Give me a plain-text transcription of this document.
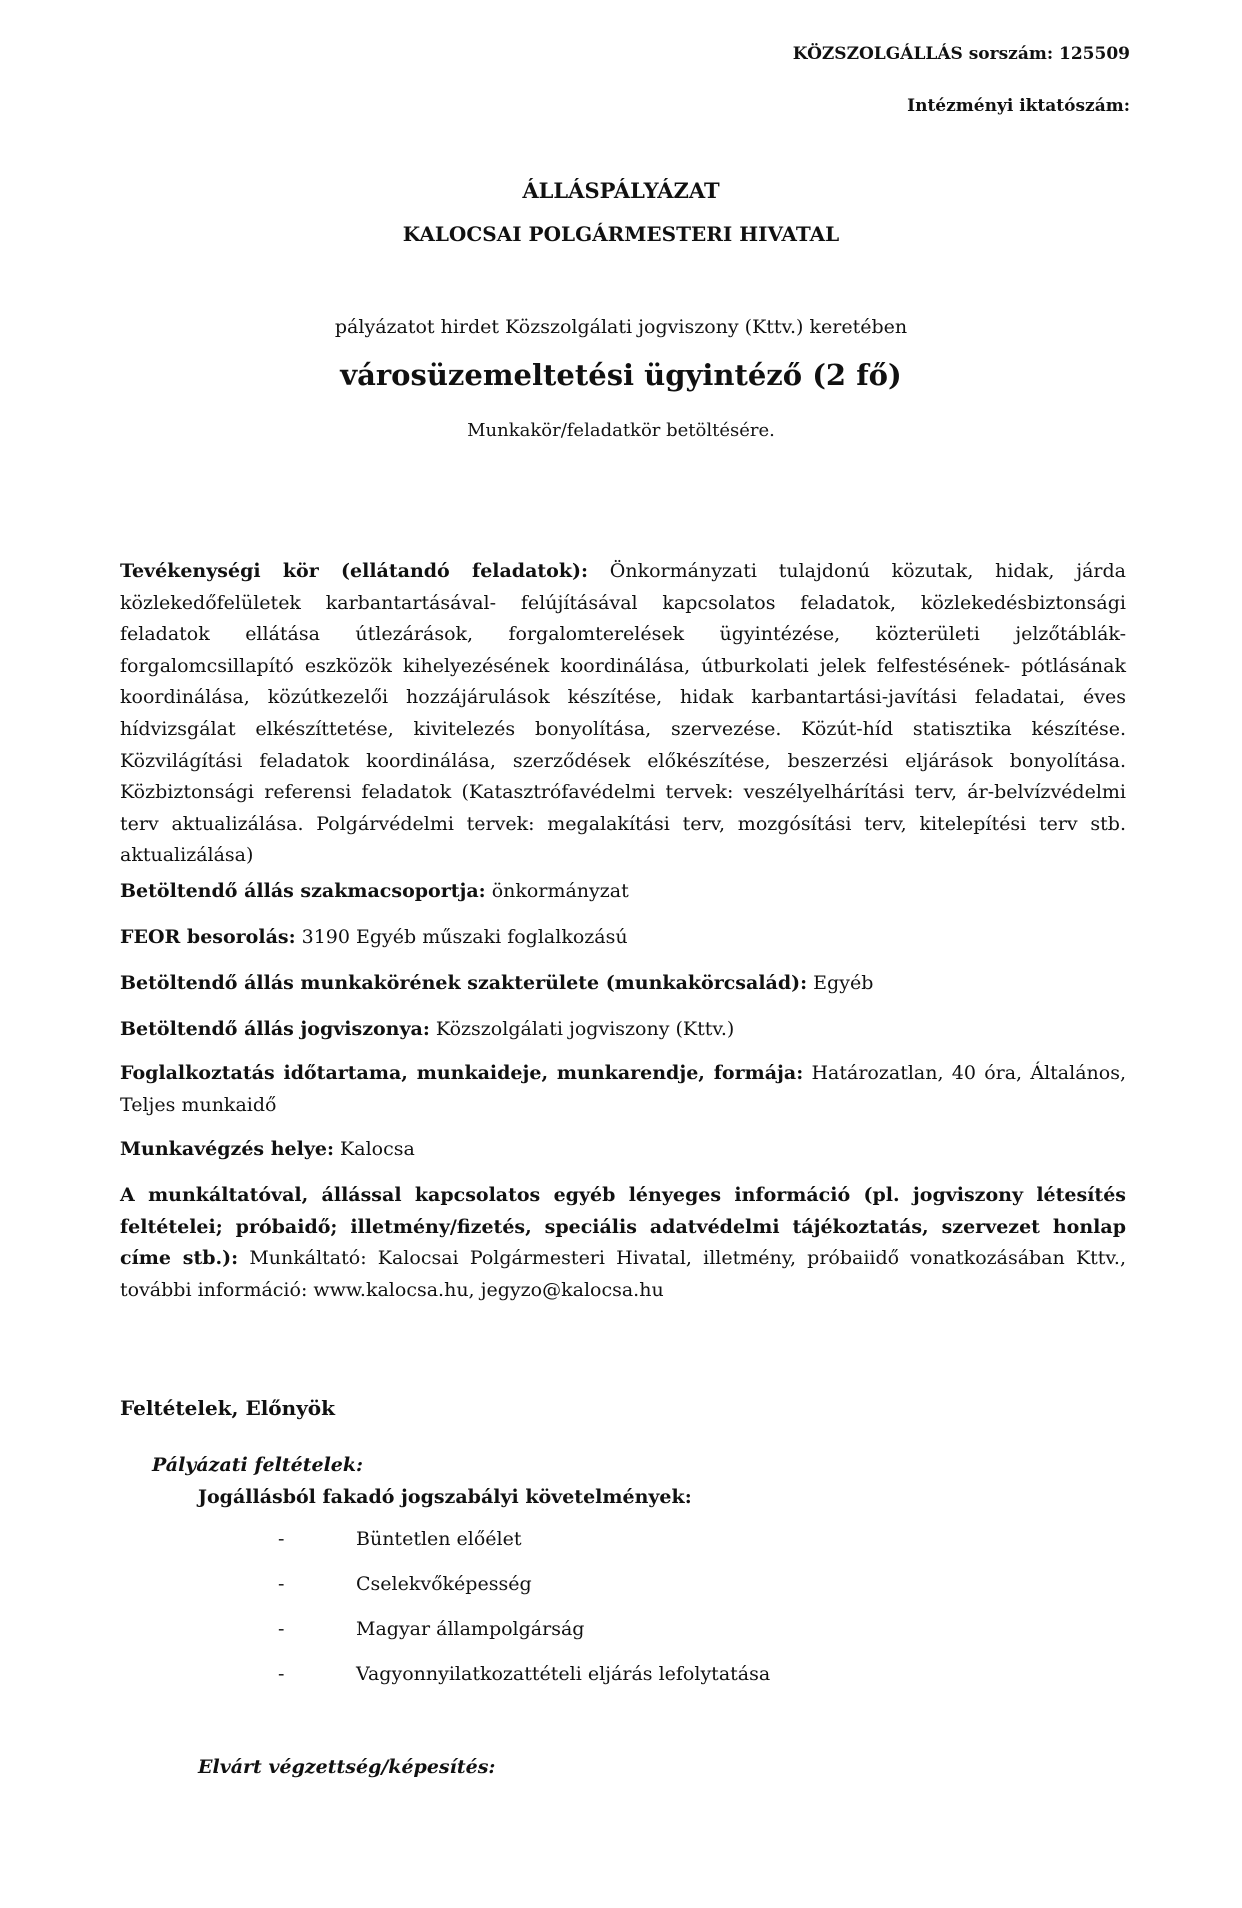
KÖZSZOLGÁLLÁS sorszám: 125509
Intézményi iktatószám:
ÁLLÁSPÁLYÁZAT
KALOCSAI POLGÁRMESTERI HIVATAL
pályázatot hirdet Közszolgálati jogviszony (Kttv.) keretében
városüzemeltetési ügyintéző (2 fő)
Munkakör/feladatkör betöltésére.
Tevékenységi kör (ellátandó feladatok): Önkormányzati tulajdonú közutak, hidak, járda közlekedőfelületek karbantartásával- felújításával kapcsolatos feladatok, közlekedésbiztonsági feladatok ellátása útlezárások, forgalomterelések ügyintézése, közterületi jelzőtáblák- forgalomcsillapító eszközök kihelyezésének koordinálása, útburkolati jelek felfestésének- pótlásának koordinálása, közútkezelői hozzájárulások készítése, hidak karbantartási-javítási feladatai, éves hídvizsgálat elkészíttetése, kivitelezés bonyolítása, szervezése. Közút-híd statisztika készítése. Közvilágítási feladatok koordinálása, szerződések előkészítése, beszerzési eljárások bonyolítása. Közbiztonsági referensi feladatok (Katasztrófavédelmi tervek: veszélyelhárítási terv, ár-belvízvédelmi terv aktualizálása. Polgárvédelmi tervek: megalakítási terv, mozgósítási terv, kitelepítési terv stb. aktualizálása)
Betöltendő állás szakmacsoportja: önkormányzat
FEOR besorolás: 3190 Egyéb műszaki foglalkozású
Betöltendő állás munkakörének szakterülete (munkakörcsalád): Egyéb
Betöltendő állás jogviszonya: Közszolgálati jogviszony (Kttv.)
Foglalkoztatás időtartama, munkaideje, munkarendje, formája: Határozatlan, 40 óra, Általános, Teljes munkaidő
Munkavégzés helye: Kalocsa
A munkáltatóval, állással kapcsolatos egyéb lényeges információ (pl. jogviszony létesítés feltételei; próbaidő; illetmény/fizetés, speciális adatvédelmi tájékoztatás, szervezet honlap címe stb.): Munkáltató: Kalocsai Polgármesteri Hivatal, illetmény, próbaiidő vonatkozásában Kttv., további információ: www.kalocsa.hu, jegyzo@kalocsa.hu
Feltételek, Előnyök
Pályázati feltételek:
Jogállásból fakadó jogszabályi követelmények:
-	Büntetlen előélet
-	Cselekvőképesség
-	Magyar állampolgárság
-	Vagyonnyilatkozattételi eljárás lefolytatása
Elvárt végzettség/képesítés:
